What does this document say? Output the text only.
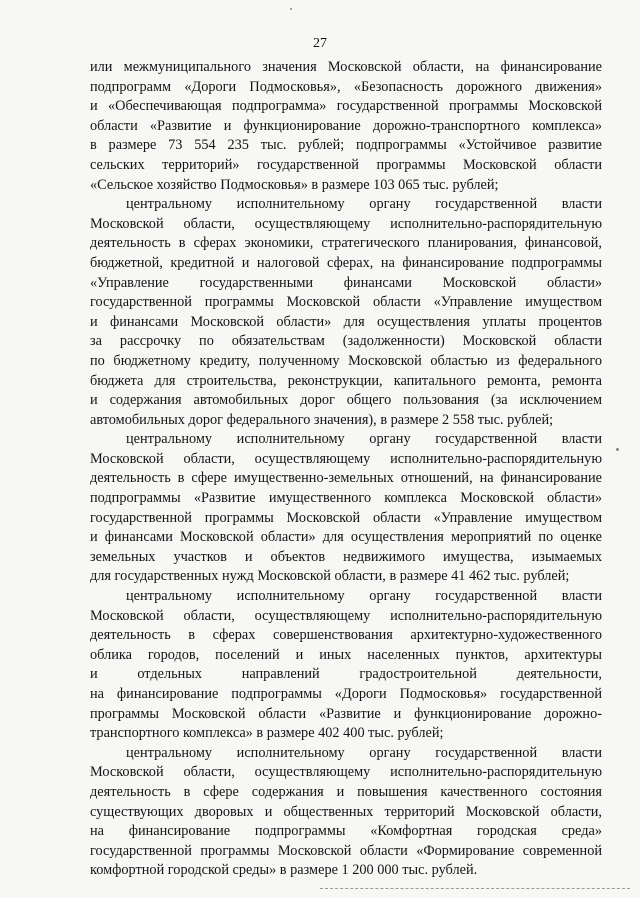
27
или межмуниципального значения Московской области, на финансирование
подпрограмм «Дороги Подмосковья», «Безопасность дорожного движения»
и «Обеспечивающая подпрограмма» государственной программы Московской
области «Развитие и функционирование дорожно-транспортного комплекса»
в размере 73 554 235 тыс. рублей; подпрограммы «Устойчивое развитие
сельских территорий» государственной программы Московской области
«Сельское хозяйство Подмосковья» в размере 103 065 тыс. рублей;
центральному исполнительному органу государственной власти
Московской области, осуществляющему исполнительно-распорядительную
деятельность в сферах экономики, стратегического планирования, финансовой,
бюджетной, кредитной и налоговой сферах, на финансирование подпрограммы
«Управление государственными финансами Московской области»
государственной программы Московской области «Управление имуществом
и финансами Московской области» для осуществления уплаты процентов
за рассрочку по обязательствам (задолженности) Московской области
по бюджетному кредиту, полученному Московской областью из федерального
бюджета для строительства, реконструкции, капитального ремонта, ремонта
и содержания автомобильных дорог общего пользования (за исключением
автомобильных дорог федерального значения), в размере 2 558 тыс. рублей;
центральному исполнительному органу государственной власти
Московской области, осуществляющему исполнительно-распорядительную
деятельность в сфере имущественно-земельных отношений, на финансирование
подпрограммы «Развитие имущественного комплекса Московской области»
государственной программы Московской области «Управление имуществом
и финансами Московской области» для осуществления мероприятий по оценке
земельных участков и объектов недвижимого имущества, изымаемых
для государственных нужд Московской области, в размере 41 462 тыс. рублей;
центральному исполнительному органу государственной власти
Московской области, осуществляющему исполнительно-распорядительную
деятельность в сферах совершенствования архитектурно-художественного
облика городов, поселений и иных населенных пунктов, архитектуры
и отдельных направлений градостроительной деятельности,
на финансирование подпрограммы «Дороги Подмосковья» государственной
программы Московской области «Развитие и функционирование дорожно-
транспортного комплекса» в размере 402 400 тыс. рублей;
центральному исполнительному органу государственной власти
Московской области, осуществляющему исполнительно-распорядительную
деятельность в сфере содержания и повышения качественного состояния
существующих дворовых и общественных территорий Московской области,
на финансирование подпрограммы «Комфортная городская среда»
государственной программы Московской области «Формирование современной
комфортной городской среды» в размере 1 200 000 тыс. рублей.
